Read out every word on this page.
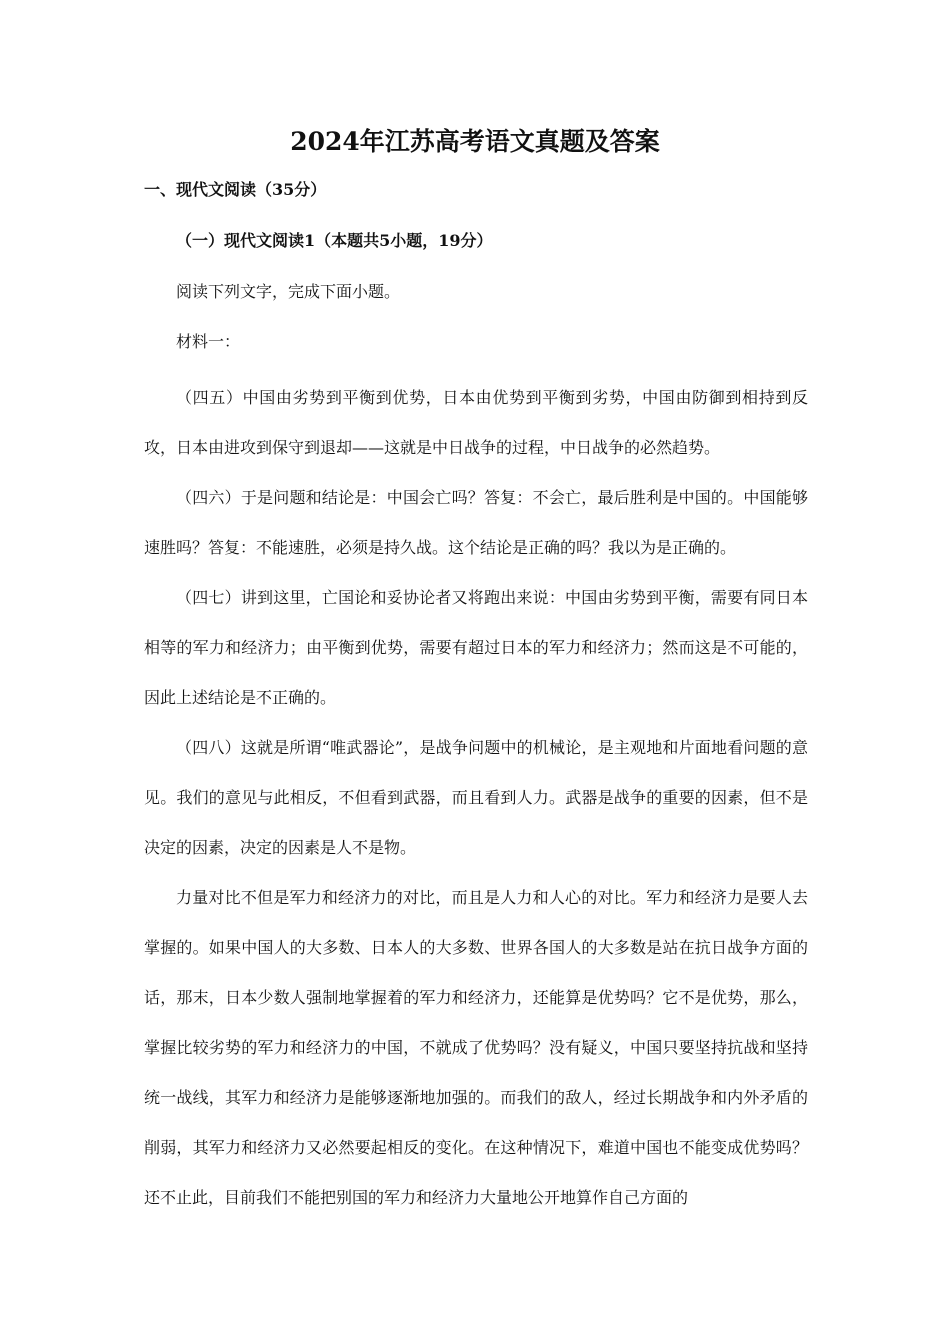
2024年江苏高考语文真题及答案
一、现代文阅读（35分）
（一）现代文阅读1（本题共5小题，19分）

阅读下列文字，完成下面小题。

材料一：

（四五）中国由劣势到平衡到优势，日本由优势到平衡到劣势，中国由防御到相持到反攻，日本由进攻到保守到退却——这就是中日战争的过程，中日战争的必然趋势。

（四六）于是问题和结论是：中国会亡吗？答复：不会亡，最后胜利是中国的。中国能够速胜吗？答复：不能速胜，必须是持久战。这个结论是正确的吗？我以为是正确的。

（四七）讲到这里，亡国论和妥协论者又将跑出来说：中国由劣势到平衡，需要有同日本相等的军力和经济力；由平衡到优势，需要有超过日本的军力和经济力；然而这是不可能的，因此上述结论是不正确的。

（四八）这就是所谓“唯武器论”，是战争问题中的机械论，是主观地和片面地看问题的意见。我们的意见与此相反，不但看到武器，而且看到人力。武器是战争的重要的因素，但不是决定的因素，决定的因素是人不是物。

力量对比不但是军力和经济力的对比，而且是人力和人心的对比。军力和经济力是要人去掌握的。如果中国人的大多数、日本人的大多数、世界各国人的大多数是站在抗日战争方面的话，那末，日本少数人强制地掌握着的军力和经济力，还能算是优势吗？它不是优势，那么，掌握比较劣势的军力和经济力的中国，不就成了优势吗？没有疑义，中国只要坚持抗战和坚持统一战线，其军力和经济力是能够逐渐地加强的。而我们的敌人，经过长期战争和内外矛盾的削弱，其军力和经济力又必然要起相反的变化。在这种情况下，难道中国也不能变成优势吗？还不止此，目前我们不能把别国的军力和经济力大量地公开地算作自己方面的
